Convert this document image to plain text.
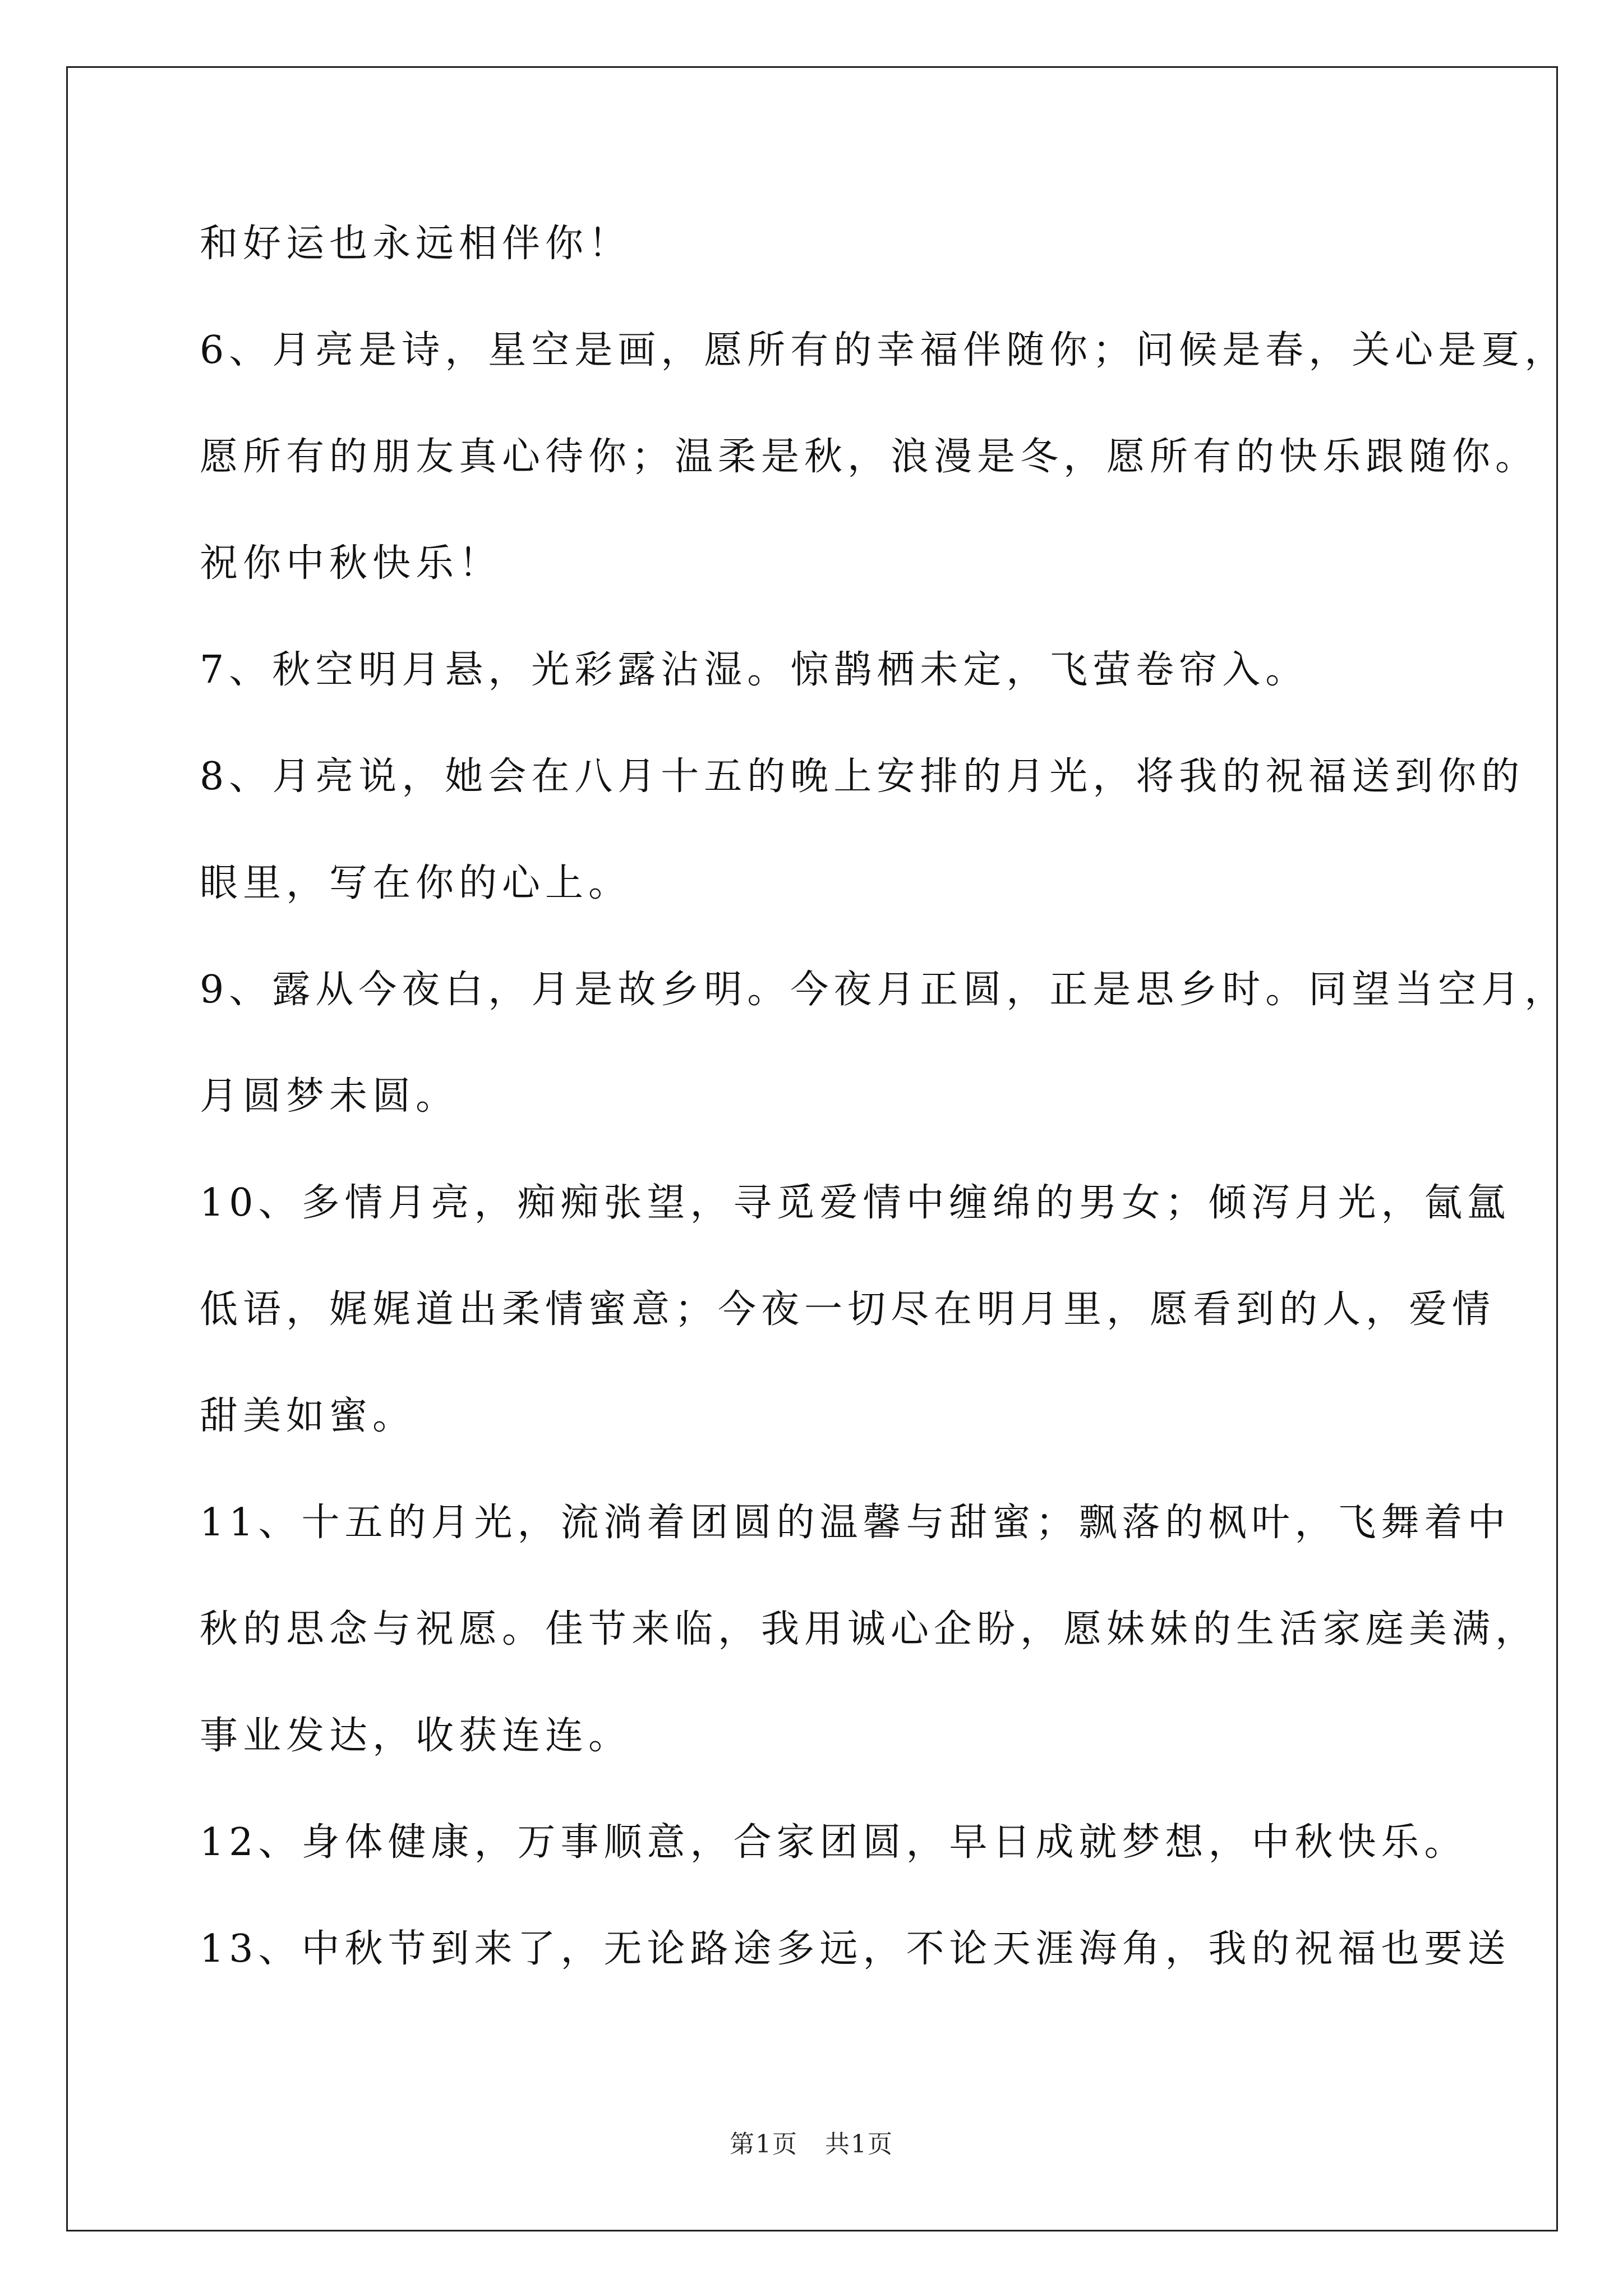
和好运也永远相伴你！
6、月亮是诗，星空是画，愿所有的幸福伴随你；问候是春，关心是夏，
愿所有的朋友真心待你；温柔是秋，浪漫是冬，愿所有的快乐跟随你。
祝你中秋快乐！
7、秋空明月悬，光彩露沾湿。惊鹊栖未定，飞萤卷帘入。
8、月亮说，她会在八月十五的晚上安排的月光，将我的祝福送到你的
眼里，写在你的心上。
9、露从今夜白，月是故乡明。今夜月正圆，正是思乡时。同望当空月，
月圆梦未圆。
10、多情月亮，痴痴张望，寻觅爱情中缠绵的男女；倾泻月光，氤氲
低语，娓娓道出柔情蜜意；今夜一切尽在明月里，愿看到的人，爱情
甜美如蜜。
11、十五的月光，流淌着团圆的温馨与甜蜜；飘落的枫叶，飞舞着中
秋的思念与祝愿。佳节来临，我用诚心企盼，愿妹妹的生活家庭美满，
事业发达，收获连连。
12、身体健康，万事顺意，合家团圆，早日成就梦想，中秋快乐。
13、中秋节到来了，无论路途多远，不论天涯海角，我的祝福也要送
第1页 共1页
